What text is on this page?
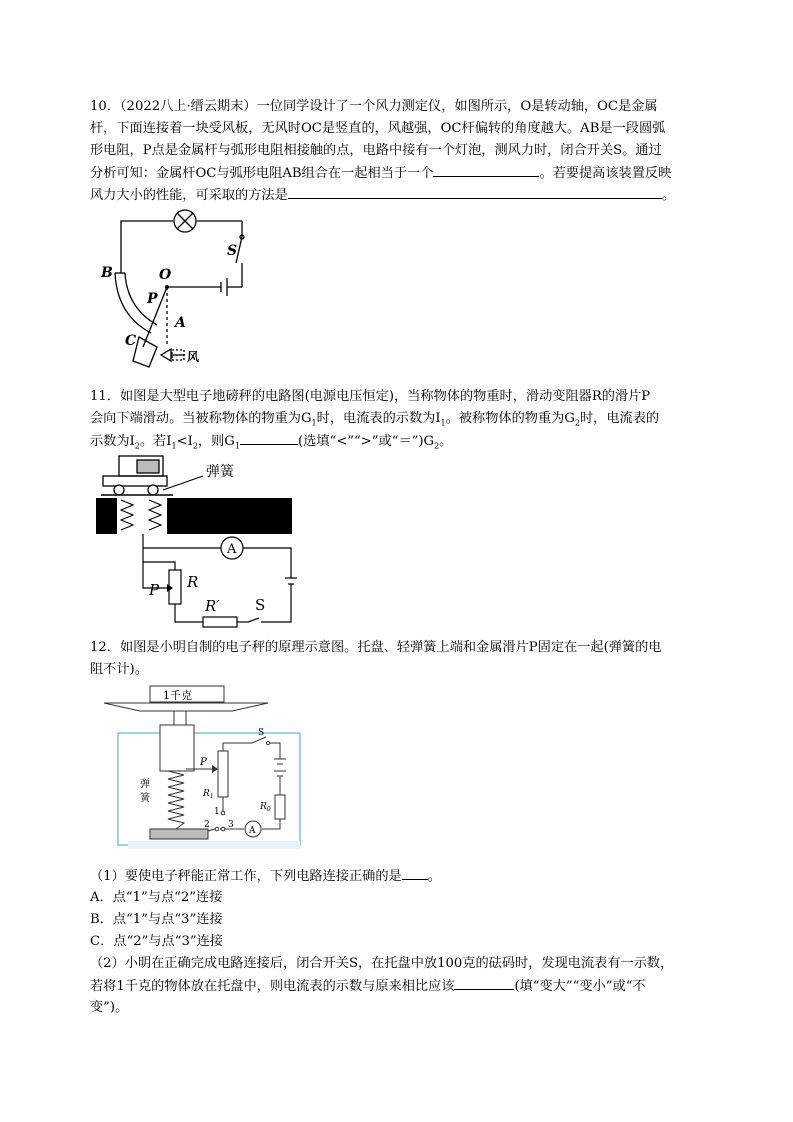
10．（2022八上·缙云期末）一位同学设计了一个风力测定仪，如图所示，O是转动轴，OC是金属

杆，下面连接着一块受风板，无风时OC是竖直的，风越强，OC杆偏转的角度越大。AB是一段圆弧

形电阻，P点是金属杆与弧形电阻相接触的点，电路中接有一个灯泡，测风力时，闭合开关S。通过

分析可知：金属杆OC与弧形电阻AB组合在一起相当于一个	。若要提高该装置反映

风力大小的性能，可采取的方法是	。

B	O
S
P
A
C
风

11．如图是大型电子地磅秤的电路图(电源电压恒定)，当称物体的物重时，滑动变阻器R的滑片P

会向下端滑动。当被称物体的物重为$G_1$时，电流表的示数为$I_1$。被称物体的物重为$G_2$时，电流表的

示数为$I_2$。若$I_1<I_2$，则$G_1$	(选填“<”“>”或“$=”)G_2$。

弹簧
A
P R
R′ S

12．如图是小明自制的电子秤的原理示意图。托盘、轻弹簧上端和金属滑片P固定在一起(弹簧的电

阻不计)。

1千克
弹
簧
P
$R_1$
S
$R_0$
A
1
2 3

（1）要使电子秤能正常工作，下列电路连接正确的是 。

A．点“1”与点“2”连接

B．点“1”与点“3”连接

C．点“2”与点“3”连接

（2）小明在正确完成电路连接后，闭合开关S，在托盘中放100克的砝码时，发现电流表有一示数，

若将1千克的物体放在托盘中，则电流表的示数与原来相比应该	(填“变大”“变小”或“不

变”)。
